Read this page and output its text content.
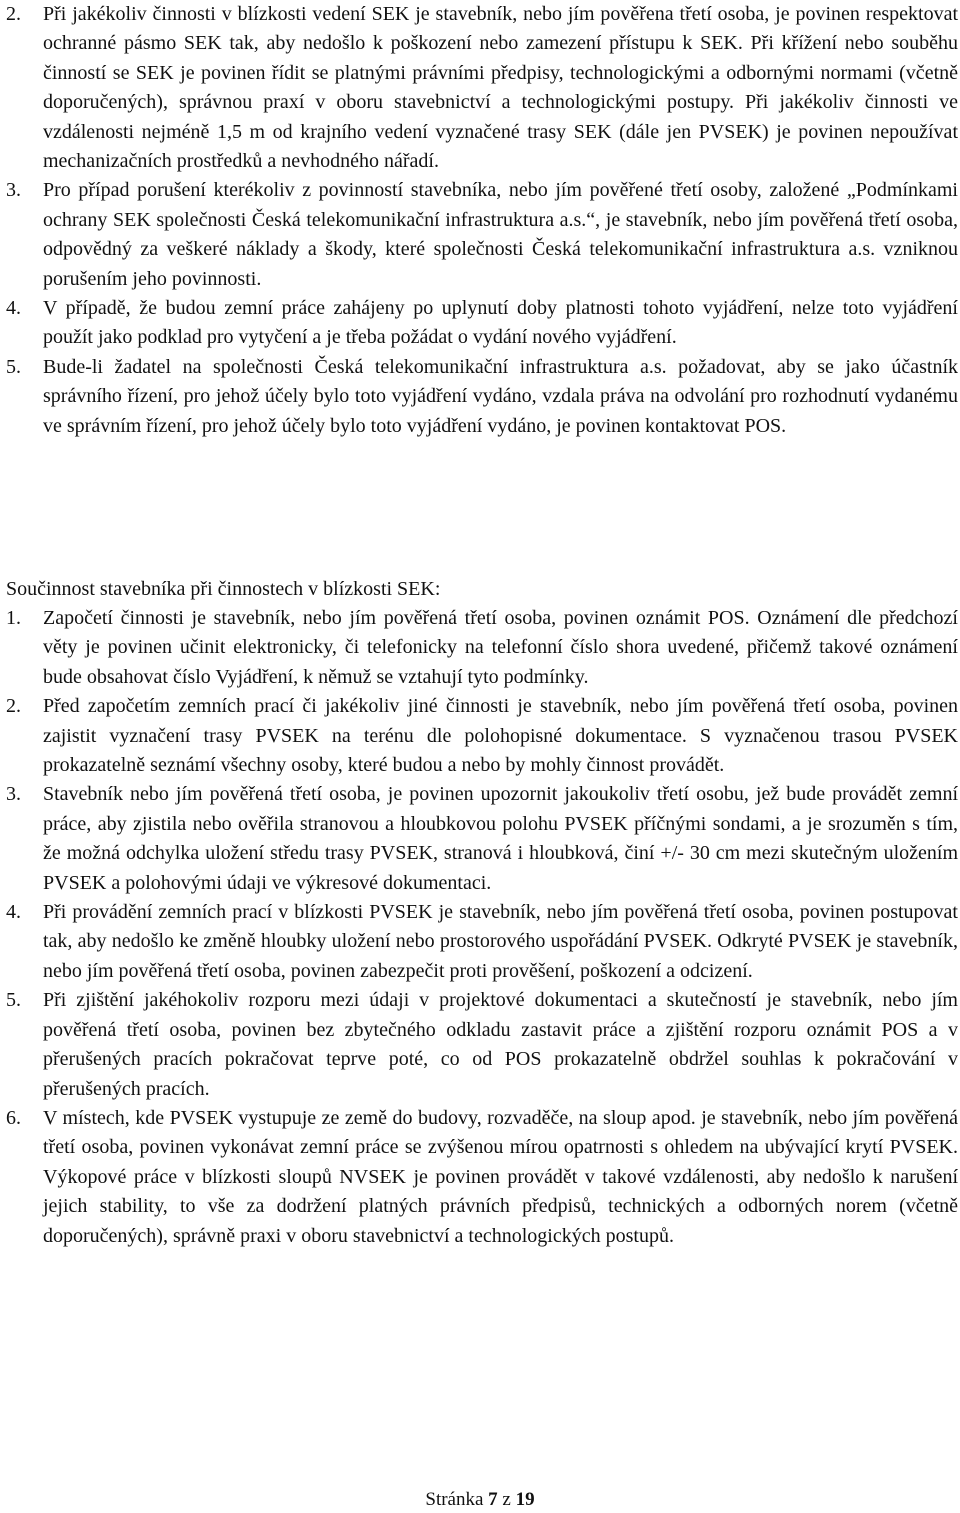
2. Při jakékoliv činnosti v blízkosti vedení SEK je stavebník, nebo jím pověřena třetí osoba, je povinen respektovat ochranné pásmo SEK tak, aby nedošlo k poškození nebo zamezení přístupu k SEK. Při křížení nebo souběhu činností se SEK je povinen řídit se platnými právními předpisy, technologickými a odbornými normami (včetně doporučených), správnou praxí v oboru stavebnictví a technologickými postupy. Při jakékoliv činnosti ve vzdálenosti nejméně 1,5 m od krajního vedení vyznačené trasy SEK (dále jen PVSEK) je povinen nepoužívat mechanizačních prostředků a nevhodného nářadí.
3. Pro případ porušení kterékoliv z povinností stavebníka, nebo jím pověřené třetí osoby, založené „Podmínkami ochrany SEK společnosti Česká telekomunikační infrastruktura a.s.“, je stavebník, nebo jím pověřená třetí osoba, odpovědný za veškeré náklady a škody, které společnosti Česká telekomunikační infrastruktura a.s. vzniknou porušením jeho povinnosti.
4. V případě, že budou zemní práce zahájeny po uplynutí doby platnosti tohoto vyjádření, nelze toto vyjádření použít jako podklad pro vytyčení a je třeba požádat o vydání nového vyjádření.
5. Bude-li žadatel na společnosti Česká telekomunikační infrastruktura a.s. požadovat, aby se jako účastník správního řízení, pro jehož účely bylo toto vyjádření vydáno, vzdala práva na odvolání pro rozhodnutí vydanému ve správním řízení, pro jehož účely bylo toto vyjádření vydáno, je povinen kontaktovat POS.
Součinnost stavebníka při činnostech v blízkosti SEK:
1. Započetí činnosti je stavebník, nebo jím pověřená třetí osoba, povinen oznámit POS. Oznámení dle předchozí věty je povinen učinit elektronicky, či telefonicky na telefonní číslo shora uvedené, přičemž takové oznámení bude obsahovat číslo Vyjádření, k němuž se vztahují tyto podmínky.
2. Před započetím zemních prací či jakékoliv jiné činnosti je stavebník, nebo jím pověřená třetí osoba, povinen zajistit vyznačení trasy PVSEK na terénu dle polohopisné dokumentace. S vyznačenou trasou PVSEK prokazatelně seznámí všechny osoby, které budou a nebo by mohly činnost provádět.
3. Stavebník nebo jím pověřená třetí osoba, je povinen upozornit jakoukoliv třetí osobu, jež bude provádět zemní práce, aby zjistila nebo ověřila stranovou a hloubkovou polohu PVSEK příčnými sondami, a je srozuměn s tím, že možná odchylka uložení středu trasy PVSEK, stranová i hloubková, činí +/- 30 cm mezi skutečným uložením PVSEK a polohovými údaji ve výkresové dokumentaci.
4. Při provádění zemních prací v blízkosti PVSEK je stavebník, nebo jím pověřená třetí osoba, povinen postupovat tak, aby nedošlo ke změně hloubky uložení nebo prostorového uspořádání PVSEK. Odkryté PVSEK je stavebník, nebo jím pověřená třetí osoba, povinen zabezpečit proti prověšení, poškození a odcizení.
5. Při zjištění jakéhokoliv rozporu mezi údaji v projektové dokumentaci a skutečností je stavebník, nebo jím pověřená třetí osoba, povinen bez zbytečného odkladu zastavit práce a zjištění rozporu oznámit POS a v přerušených pracích pokračovat teprve poté, co od POS prokazatelně obdržel souhlas k pokračování v přerušených pracích.
6. V místech, kde PVSEK vystupuje ze země do budovy, rozvaděče, na sloup apod. je stavebník, nebo jím pověřená třetí osoba, povinen vykonávat zemní práce se zvýšenou mírou opatrnosti s ohledem na ubývající krytí PVSEK. Výkopové práce v blízkosti sloupů NVSEK je povinen provádět v takové vzdálenosti, aby nedošlo k narušení jejich stability, to vše za dodržení platných právních předpisů, technických a odborných norem (včetně doporučených), správně praxi v oboru stavebnictví a technologických postupů.
Stránka 7 z 19
